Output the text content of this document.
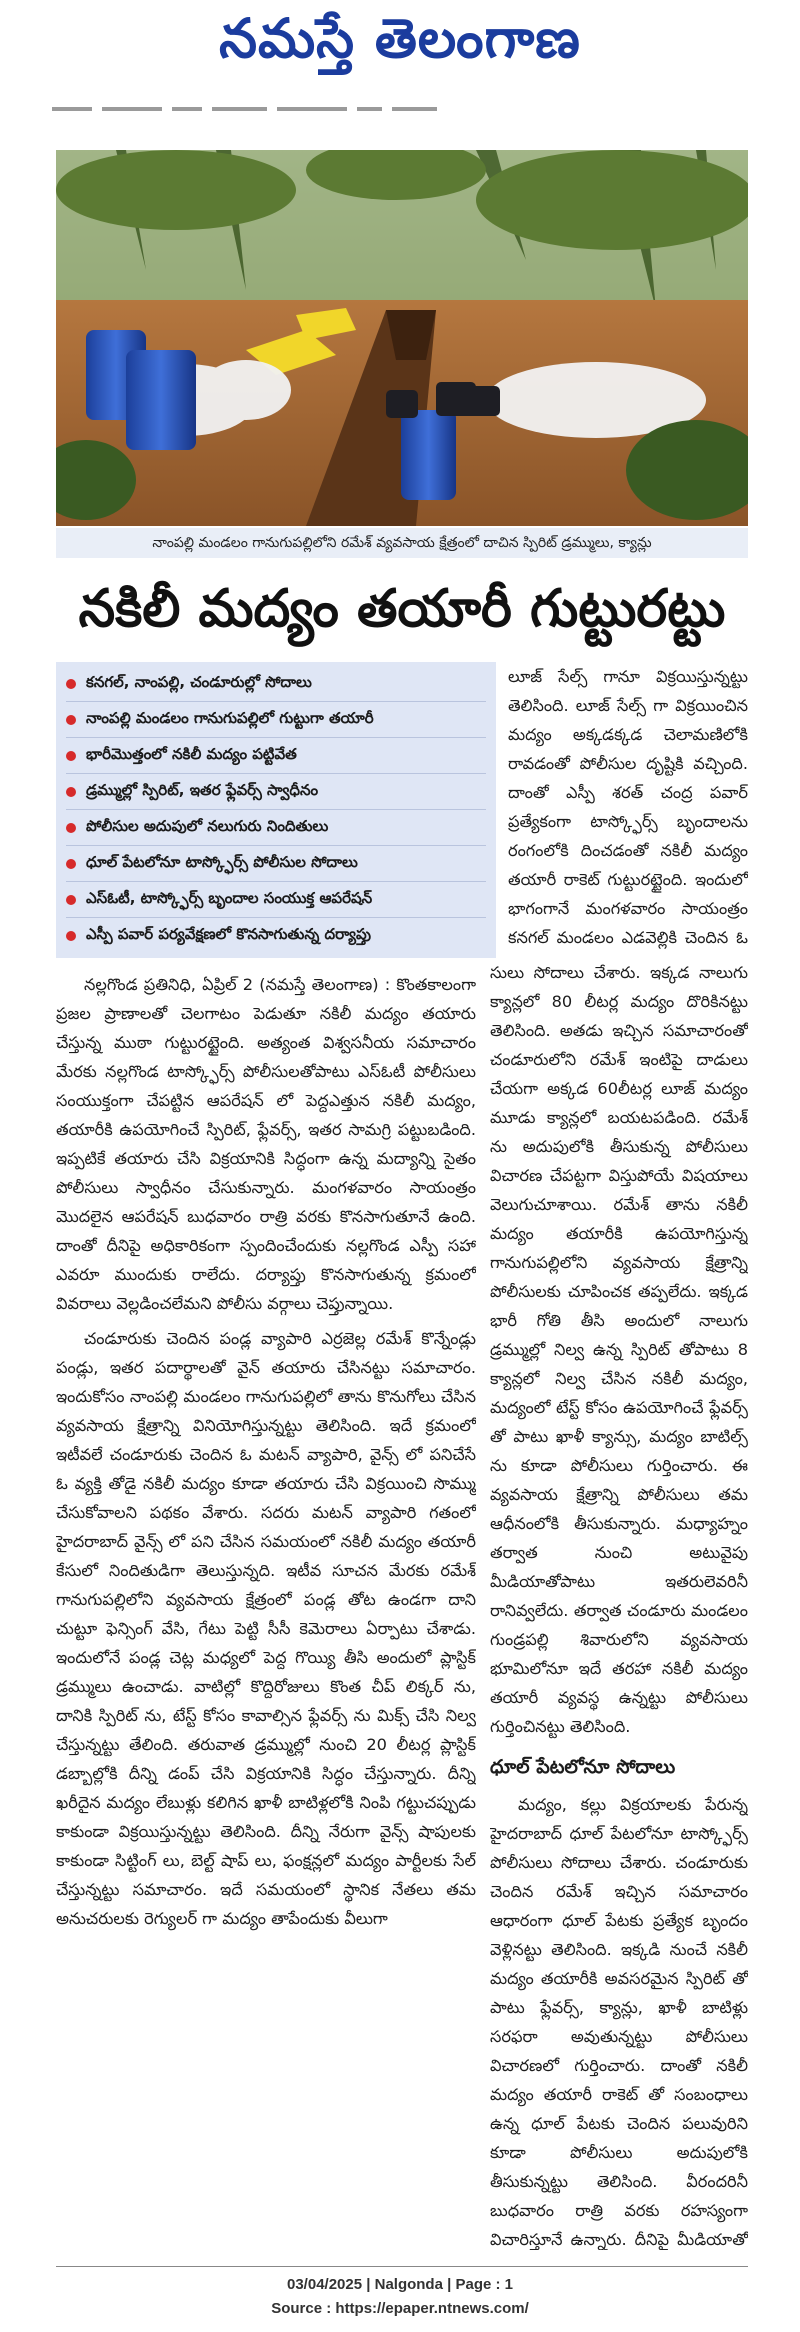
నమస్తే తెలంగాణ
నాంపల్లి మండలం గానుగుపల్లిలోని రమేశ్ వ్యవసాయ క్షేత్రంలో దాచిన స్పిరిట్ డ్రమ్ములు, క్యాన్లు
నకిలీ మద్యం తయారీ గుట్టురట్టు
కనగల్, నాంపల్లి, చండూరుల్లో సోదాలు
నాంపల్లి మండలం గానుగుపల్లిలో గుట్టుగా తయారీ
భారీమొత్తంలో నకిలీ మద్యం పట్టివేత
డ్రమ్ముల్లో స్పిరిట్, ఇతర ఫ్లేవర్స్ స్వాధీనం
పోలీసుల అదుపులో నలుగురు నిందితులు
ధూల్ పేటలోనూ టాస్క్ఫోర్స్ పోలీసుల సోదాలు
ఎస్ఓటీ, టాస్క్ఫోర్స్ బృందాల సంయుక్త ఆపరేషన్
ఎస్పీ పవార్ పర్యవేక్షణలో కొనసాగుతున్న దర్యాప్తు

లూజ్ సేల్స్ గానూ విక్రయిస్తున్నట్టు తెలిసింది. లూజ్ సేల్స్ గా విక్రయించిన మద్యం అక్కడక్కడ చెలామణిలోకి రావడంతో పోలీసుల దృష్టికి వచ్చింది. దాంతో ఎస్పీ శరత్ చంద్ర పవార్ ప్రత్యేకంగా టాస్క్ఫోర్స్ బృందాలను రంగంలోకి దించడంతో నకిలీ మద్యం తయారీ రాకెట్ గుట్టురట్టైంది. ఇందులో భాగంగానే మంగళవారం సాయంత్రం కనగల్ మండలం ఎడవెల్లికి చెందిన ఓ

నల్లగొండ ప్రతినిధి, ఏప్రిల్ 2 (నమస్తే తెలంగాణ) : కొంతకాలంగా ప్రజల ప్రాణాలతో చెలగాటం పెడుతూ నకిలీ మద్యం తయారు చేస్తున్న ముఠా గుట్టురట్టైంది. అత్యంత విశ్వసనీయ సమాచారం మేరకు నల్లగొండ టాస్క్ఫోర్స్ పోలీసులతోపాటు ఎస్ఓటీ పోలీసులు సంయుక్తంగా చేపట్టిన ఆపరేషన్ లో పెద్దఎత్తున నకిలీ మద్యం, తయారీకి ఉపయోగించే స్పిరిట్, ఫ్లేవర్స్, ఇతర సామగ్రి పట్టుబడింది. ఇప్పటికే తయారు చేసి విక్రయానికి సిద్ధంగా ఉన్న మద్యాన్ని సైతం పోలీసులు స్వాధీనం చేసుకున్నారు. మంగళవారం సాయంత్రం మొదలైన ఆపరేషన్ బుధవారం రాత్రి వరకు కొనసాగుతూనే ఉంది. దాంతో దీనిపై అధికారికంగా స్పందించేందుకు నల్లగొండ ఎస్పీ సహా ఎవరూ ముందుకు రాలేదు. దర్యాప్తు కొనసాగుతున్న క్రమంలో వివరాలు వెల్లడించలేమని పోలీసు వర్గాలు చెప్తున్నాయి.

చండూరుకు చెందిన పండ్ల వ్యాపారి ఎర్రజెల్ల రమేశ్ కొన్నేండ్లు పండ్లు, ఇతర పదార్థాలతో వైన్ తయారు చేసినట్టు సమాచారం. ఇందుకోసం నాంపల్లి మండలం గానుగుపల్లిలో తాను కొనుగోలు చేసిన వ్యవసాయ క్షేత్రాన్ని వినియోగిస్తున్నట్టు తెలిసింది. ఇదే క్రమంలో ఇటీవలే చండూరుకు చెందిన ఓ మటన్ వ్యాపారి, వైన్స్ లో పనిచేసే ఓ వ్యక్తి తోడై నకిలీ మద్యం కూడా తయారు చేసి విక్రయించి సొమ్ము చేసుకోవాలని పథకం వేశారు. సదరు మటన్ వ్యాపారి గతంలో హైదరాబాద్ వైన్స్ లో పని చేసిన సమయంలో నకిలీ మద్యం తయారీ కేసులో నిందితుడిగా తెలుస్తున్నది. ఇటీవ సూచన మేరకు రమేశ్ గానుగుపల్లిలోని వ్యవసాయ క్షేత్రంలో పండ్ల తోట ఉండగా దాని చుట్టూ ఫెన్సింగ్ వేసి, గేటు పెట్టి సీసీ కెమెరాలు ఏర్పాటు చేశాడు. ఇందులోనే పండ్ల చెట్ల మధ్యలో పెద్ద గొయ్యి తీసి అందులో ప్లాస్టిక్ డ్రమ్ములు ఉంచాడు. వాటిల్లో కొద్దిరోజులు కొంత చీప్ లిక్కర్ ను, దానికి స్పిరిట్ ను, టేస్ట్ కోసం కావాల్సిన ఫ్లేవర్స్ ను మిక్స్ చేసి నిల్వ చేస్తున్నట్టు తేలింది. తరువాత డ్రమ్ముల్లో నుంచి 20 లీటర్ల ప్లాస్టిక్ డబ్బాల్లోకి దీన్ని డంప్ చేసి విక్రయానికి సిద్ధం చేస్తున్నారు. దీన్ని ఖరీదైన మద్యం లేబుళ్లు కలిగిన ఖాళీ బాటిళ్లలోకి నింపి గట్టుచప్పుడు కాకుండా విక్రయిస్తున్నట్టు తెలిసింది. దీన్ని నేరుగా వైన్స్ షాపులకు కాకుండా సిట్టింగ్ లు, బెల్ట్ షాప్ లు, ఫంక్షన్లలో మద్యం పార్టీలకు సేల్ చేస్తున్నట్టు సమాచారం. ఇదే సమయంలో స్థానిక నేతలు తమ అనుచరులకు రెగ్యులర్ గా మద్యం తాపేందుకు వీలుగా

సులు సోదాలు చేశారు. ఇక్కడ నాలుగు క్యాన్లలో 80 లీటర్ల మద్యం దొరికినట్టు తెలిసింది. అతడు ఇచ్చిన సమాచారంతో చండూరులోని రమేశ్ ఇంటిపై దాడులు చేయగా అక్కడ 60లీటర్ల లూజ్ మద్యం మూడు క్యాన్లలో బయటపడింది. రమేశ్ ను అదుపులోకి తీసుకున్న పోలీసులు విచారణ చేపట్టగా విస్తుపోయే విషయాలు వెలుగుచూశాయి. రమేశ్ తాను నకిలీ మద్యం తయారీకి ఉపయోగిస్తున్న గానుగుపల్లిలోని వ్యవసాయ క్షేత్రాన్ని పోలీసులకు చూపించక తప్పలేదు. ఇక్కడ భారీ గోతి తీసి అందులో నాలుగు డ్రమ్ముల్లో నిల్వ ఉన్న స్పిరిట్ తోపాటు 8 క్యాన్లలో నిల్వ చేసిన నకిలీ మద్యం, మద్యంలో టేస్ట్ కోసం ఉపయోగించే ఫ్లేవర్స్ తో పాటు ఖాళీ క్యాన్సు, మద్యం బాటిల్స్ ను కూడా పోలీసులు గుర్తించారు. ఈ వ్యవసాయ క్షేత్రాన్ని పోలీసులు తమ ఆధీనంలోకి తీసుకున్నారు. మధ్యాహ్నం తర్వాత నుంచి అటువైపు మీడియాతోపాటు ఇతరులెవరినీ రానివ్వలేదు. తర్వాత చండూరు మండలం గుండ్రపల్లి శివారులోని వ్యవసాయ భూమిలోనూ ఇదే తరహా నకిలీ మద్యం తయారీ వ్యవస్థ ఉన్నట్టు పోలీసులు గుర్తించినట్టు తెలిసింది.

ధూల్ పేటలోనూ సోదాలు

మద్యం, కల్లు విక్రయాలకు పేరున్న హైదరాబాద్ ధూల్ పేటలోనూ టాస్క్ఫోర్స్ పోలీసులు సోదాలు చేశారు. చండూరుకు చెందిన రమేశ్ ఇచ్చిన సమాచారం ఆధారంగా ధూల్ పేటకు ప్రత్యేక బృందం వెళ్లినట్టు తెలిసింది. ఇక్కడి నుంచే నకిలీ మద్యం తయారీకి అవసరమైన స్పిరిట్ తో పాటు ఫ్లేవర్స్, క్యాన్లు, ఖాళీ బాటిళ్లు సరఫరా అవుతున్నట్టు పోలీసులు విచారణలో గుర్తించారు. దాంతో నకిలీ మద్యం తయారీ రాకెట్ తో సంబంధాలు ఉన్న ధూల్ పేటకు చెందిన పలువురిని కూడా పోలీసులు అదుపులోకి తీసుకున్నట్టు తెలిసింది. వీరందరినీ బుధవారం రాత్రి వరకు రహస్యంగా విచారిస్తూనే ఉన్నారు. దీనిపై మీడియాతో

03/04/2025 | Nalgonda | Page : 1
Source : https://epaper.ntnews.com/
